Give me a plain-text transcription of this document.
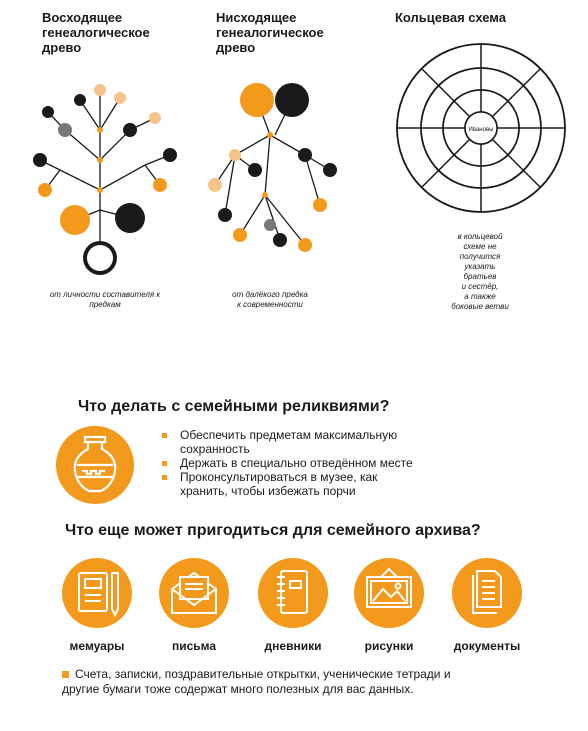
Восходящее
генеалогическое
древо
от личности составителя к
предкам
Нисходящее
генеалогическое
древо
от далёкого предка
к современности
Кольцевая схема
Ивановы
в кольцевой
схеме не
получится
указать
братьев
и сестёр,
а также
боковые ветви
Что делать с семейными реликвиями?
Обеспечить предметам максимальную
сохранность
Держать в специально отведённом месте
Проконсультироваться в музее, как
хранить, чтобы избежать порчи
Что еще может пригодиться для семейного архива?
мемуары	письма	дневники	рисунки	документы
Счета, записки, поздравительные открытки, ученические тетради и
другие бумаги тоже содержат много полезных для вас данных.
